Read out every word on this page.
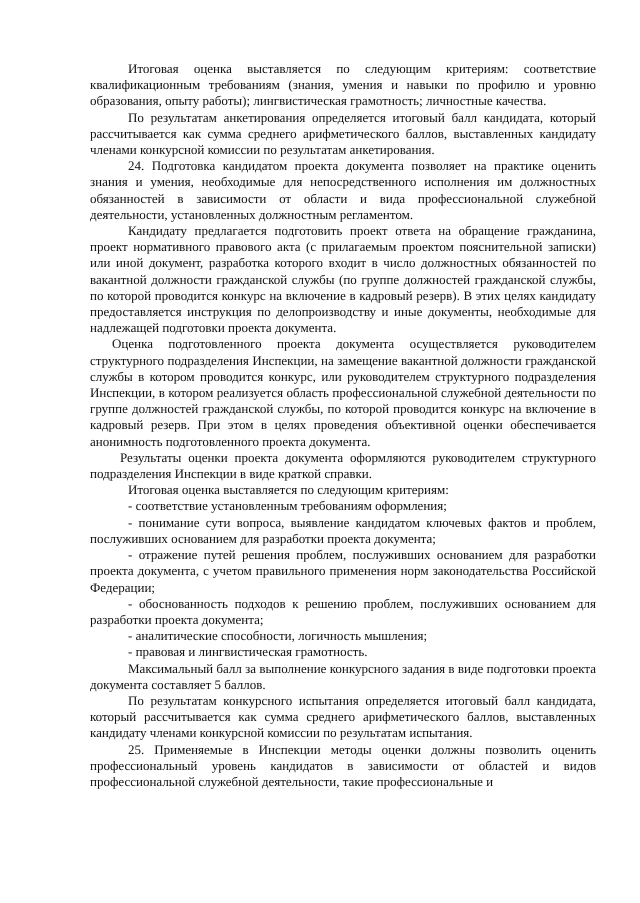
Итоговая оценка выставляется по следующим критериям: соответствие квалификационным требованиям (знания, умения и навыки по профилю и уровню образования, опыту работы); лингвистическая грамотность; личностные качества.

По результатам анкетирования определяется итоговый балл кандидата, который рассчитывается как сумма среднего арифметического баллов, выставленных кандидату членами конкурсной комиссии по результатам анкетирования.

24. Подготовка кандидатом проекта документа позволяет на практике оценить знания и умения, необходимые для непосредственного исполнения им должностных обязанностей в зависимости от области и вида профессиональной служебной деятельности, установленных должностным регламентом.

Кандидату предлагается подготовить проект ответа на обращение гражданина, проект нормативного правового акта (с прилагаемым проектом пояснительной записки) или иной документ, разработка которого входит в число должностных обязанностей по вакантной должности гражданской службы (по группе должностей гражданской службы, по которой проводится конкурс на включение в кадровый резерв). В этих целях кандидату предоставляется инструкция по делопроизводству и иные документы, необходимые для надлежащей подготовки проекта документа.

Оценка подготовленного проекта документа осуществляется руководителем структурного подразделения Инспекции, на замещение вакантной должности гражданской службы в котором проводится конкурс, или руководителем структурного подразделения Инспекции, в котором реализуется область профессиональной служебной деятельности по группе должностей гражданской службы, по которой проводится конкурс на включение в кадровый резерв. При этом в целях проведения объективной оценки обеспечивается анонимность подготовленного проекта документа.

Результаты оценки проекта документа оформляются руководителем структурного подразделения Инспекции в виде краткой справки.

Итоговая оценка выставляется по следующим критериям:

- соответствие установленным требованиям оформления;

- понимание сути вопроса, выявление кандидатом ключевых фактов и проблем, послуживших основанием для разработки проекта документа;

- отражение путей решения проблем, послуживших основанием для разработки проекта документа, с учетом правильного применения норм законодательства Российской Федерации;

- обоснованность подходов к решению проблем, послуживших основанием для разработки проекта документа;

- аналитические способности, логичность мышления;

- правовая и лингвистическая грамотность.

Максимальный балл за выполнение конкурсного задания в виде подготовки проекта документа составляет 5 баллов.

По результатам конкурсного испытания определяется итоговый балл кандидата, который рассчитывается как сумма среднего арифметического баллов, выставленных кандидату членами конкурсной комиссии по результатам испытания.

25. Применяемые в Инспекции методы оценки должны позволить оценить профессиональный уровень кандидатов в зависимости от областей и видов профессиональной служебной деятельности, такие профессиональные и
